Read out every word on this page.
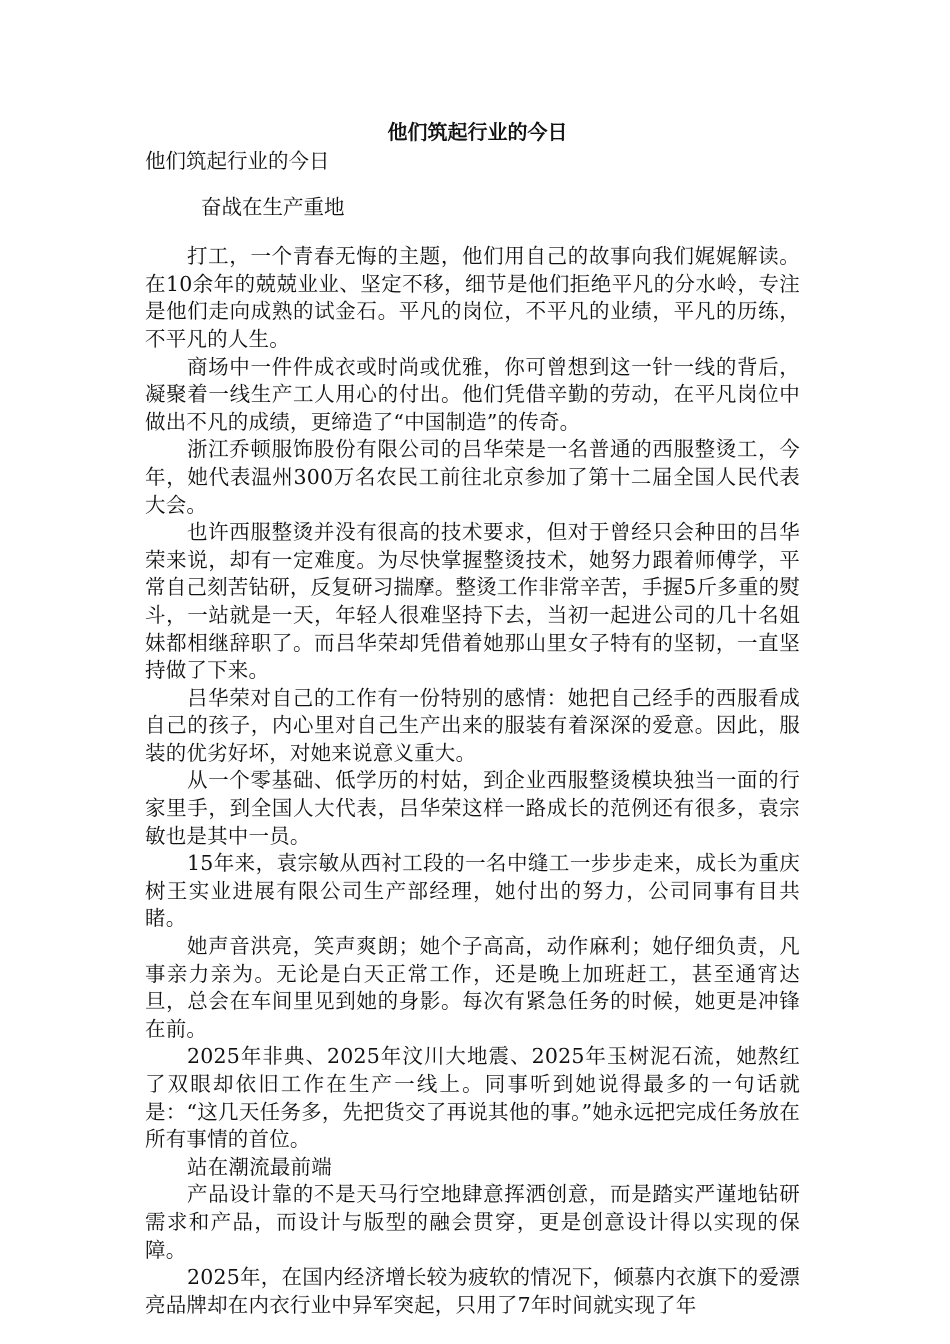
他们筑起行业的今日

他们筑起行业的今日

奋战在生产重地

打工，一个青春无悔的主题，他们用自己的故事向我们娓娓解读。在10余年的兢兢业业、坚定不移，细节是他们拒绝平凡的分水岭，专注是他们走向成熟的试金石。平凡的岗位，不平凡的业绩，平凡的历练，不平凡的人生。

商场中一件件成衣或时尚或优雅，你可曾想到这一针一线的背后，凝聚着一线生产工人用心的付出。他们凭借辛勤的劳动，在平凡岗位中做出不凡的成绩，更缔造了“中国制造”的传奇。

浙江乔顿服饰股份有限公司的吕华荣是一名普通的西服整烫工，今年，她代表温州300万名农民工前往北京参加了第十二届全国人民代表大会。

也许西服整烫并没有很高的技术要求，但对于曾经只会种田的吕华荣来说，却有一定难度。为尽快掌握整烫技术，她努力跟着师傅学，平常自己刻苦钻研，反复研习揣摩。整烫工作非常辛苦，手握5斤多重的熨斗，一站就是一天，年轻人很难坚持下去，当初一起进公司的几十名姐妹都相继辞职了。而吕华荣却凭借着她那山里女子特有的坚韧，一直坚持做了下来。

吕华荣对自己的工作有一份特别的感情：她把自己经手的西服看成自己的孩子，内心里对自己生产出来的服装有着深深的爱意。因此，服装的优劣好坏，对她来说意义重大。

从一个零基础、低学历的村姑，到企业西服整烫模块独当一面的行家里手，到全国人大代表，吕华荣这样一路成长的范例还有很多，袁宗敏也是其中一员。

15年来，袁宗敏从西衬工段的一名中缝工一步步走来，成长为重庆树王实业进展有限公司生产部经理，她付出的努力，公司同事有目共睹。

她声音洪亮，笑声爽朗；她个子高高，动作麻利；她仔细负责，凡事亲力亲为。无论是白天正常工作，还是晚上加班赶工，甚至通宵达旦，总会在车间里见到她的身影。每次有紧急任务的时候，她更是冲锋在前。

2025年非典、2025年汶川大地震、2025年玉树泥石流，她熬红了双眼却依旧工作在生产一线上。同事听到她说得最多的一句话就是：“这几天任务多，先把货交了再说其他的事。”她永远把完成任务放在所有事情的首位。

站在潮流最前端

产品设计靠的不是天马行空地肆意挥洒创意，而是踏实严谨地钻研需求和产品，而设计与版型的融会贯穿，更是创意设计得以实现的保障。

2025年，在国内经济增长较为疲软的情况下，倾慕内衣旗下的爱漂亮品牌却在内衣行业中异军突起，只用了7年时间就实现了年
